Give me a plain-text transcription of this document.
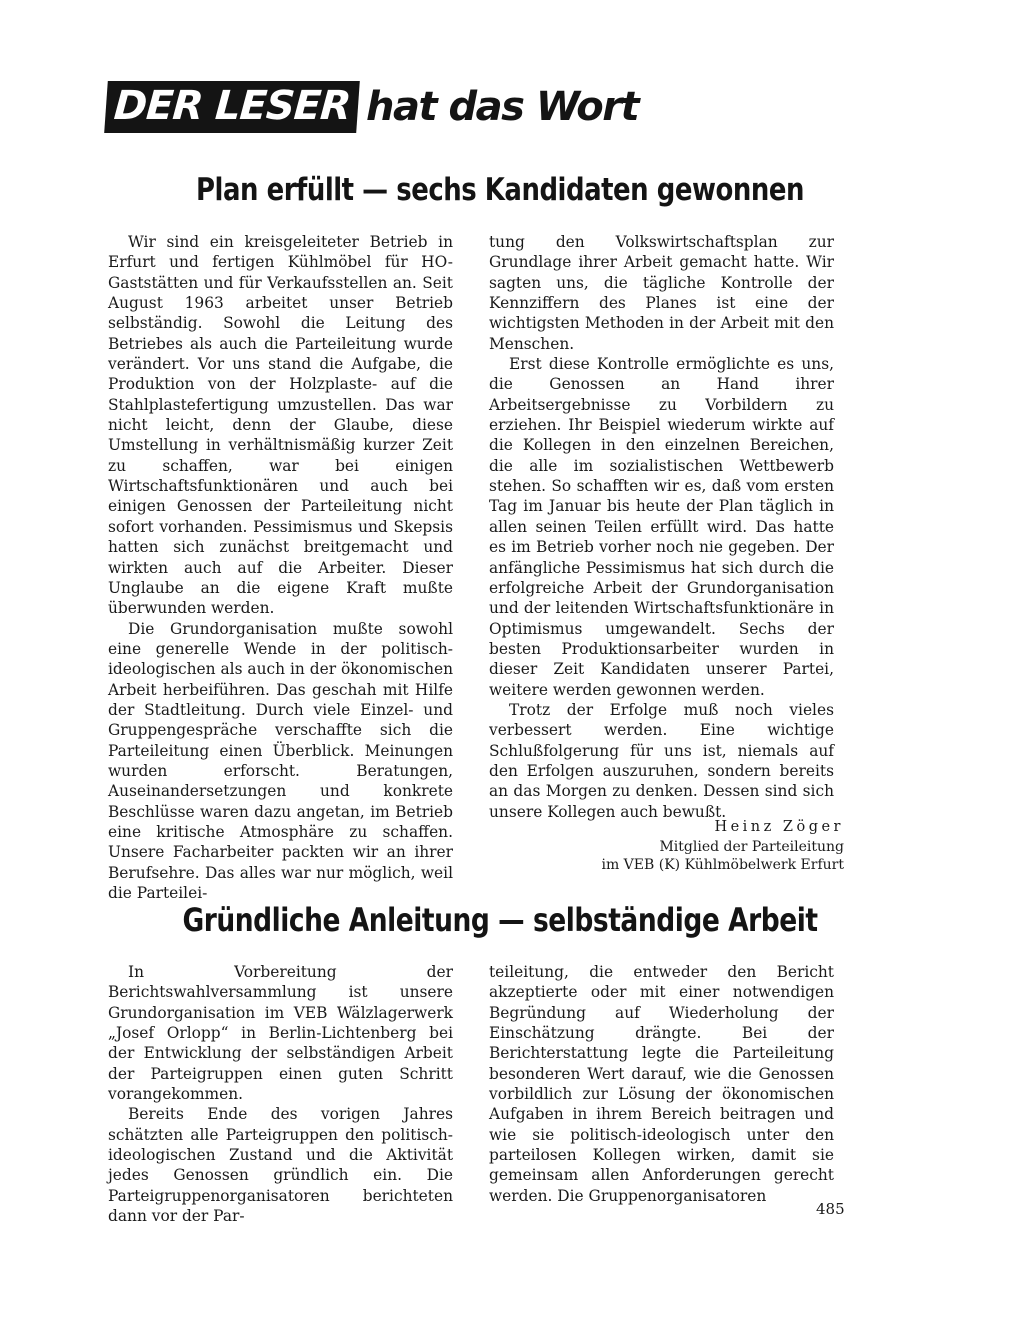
DER LESER hat das Wort
Plan erfüllt — sechs Kandidaten gewonnen

Wir sind ein kreisgeleiteter Betrieb in Erfurt und fertigen Kühlmöbel für HO-Gaststätten und für Verkaufsstellen an. Seit August 1963 arbeitet unser Betrieb selbständig. Sowohl die Leitung des Betriebes als auch die Parteileitung wurde verändert. Vor uns stand die Aufgabe, die Produktion von der Holzplaste- auf die Stahlplastefertigung umzustellen. Das war nicht leicht, denn der Glaube, diese Umstellung in verhältnismäßig kurzer Zeit zu schaffen, war bei einigen Wirtschaftsfunktionären und auch bei einigen Genossen der Parteileitung nicht sofort vorhanden. Pessimismus und Skepsis hatten sich zunächst breitgemacht und wirkten auch auf die Arbeiter. Dieser Unglaube an die eigene Kraft mußte überwunden werden.

Die Grundorganisation mußte sowohl eine generelle Wende in der politisch-ideologischen als auch in der ökonomischen Arbeit herbeiführen. Das geschah mit Hilfe der Stadtleitung. Durch viele Einzel- und Gruppengespräche verschaffte sich die Parteileitung einen Überblick. Meinungen wurden erforscht. Beratungen, Auseinandersetzungen und konkrete Beschlüsse waren dazu angetan, im Betrieb eine kritische Atmosphäre zu schaffen. Unsere Facharbeiter packten wir an ihrer Berufsehre. Das alles war nur möglich, weil die Parteilei-

tung den Volkswirtschaftsplan zur Grundlage ihrer Arbeit gemacht hatte. Wir sagten uns, die tägliche Kontrolle der Kennziffern des Planes ist eine der wichtigsten Methoden in der Arbeit mit den Menschen.

Erst diese Kontrolle ermöglichte es uns, die Genossen an Hand ihrer Arbeitsergebnisse zu Vorbildern zu erziehen. Ihr Beispiel wiederum wirkte auf die Kollegen in den einzelnen Bereichen, die alle im sozialistischen Wettbewerb stehen. So schafften wir es, daß vom ersten Tag im Januar bis heute der Plan täglich in allen seinen Teilen erfüllt wird. Das hatte es im Betrieb vorher noch nie gegeben. Der anfängliche Pessimismus hat sich durch die erfolgreiche Arbeit der Grundorganisation und der leitenden Wirtschaftsfunktionäre in Optimismus umgewandelt. Sechs der besten Produktionsarbeiter wurden in dieser Zeit Kandidaten unserer Partei, weitere werden gewonnen werden.

Trotz der Erfolge muß noch vieles verbessert werden. Eine wichtige Schlußfolgerung für uns ist, niemals auf den Erfolgen auszuruhen, sondern bereits an das Morgen zu denken. Dessen sind sich unsere Kollegen auch bewußt.

Heinz Zöger
Mitglied der Parteileitung
im VEB (K) Kühlmöbelwerk Erfurt
Gründliche Anleitung — selbständige Arbeit

In Vorbereitung der Berichtswahlversammlung ist unsere Grundorganisation im VEB Wälzlagerwerk „Josef Orlopp“ in Berlin-Lichtenberg bei der Entwicklung der selbständigen Arbeit der Parteigruppen einen guten Schritt vorangekommen.

Bereits Ende des vorigen Jahres schätzten alle Parteigruppen den politisch-ideologischen Zustand und die Aktivität jedes Genossen gründlich ein. Die Parteigruppenorganisatoren berichteten dann vor der Par-

teileitung, die entweder den Bericht akzeptierte oder mit einer notwendigen Begründung auf Wiederholung der Einschätzung drängte. Bei der Berichterstattung legte die Parteileitung besonderen Wert darauf, wie die Genossen vorbildlich zur Lösung der ökonomischen Aufgaben in ihrem Bereich beitragen und wie sie politisch-ideologisch unter den parteilosen Kollegen wirken, damit sie gemeinsam allen Anforderungen gerecht werden. Die Gruppenorganisatoren

485
